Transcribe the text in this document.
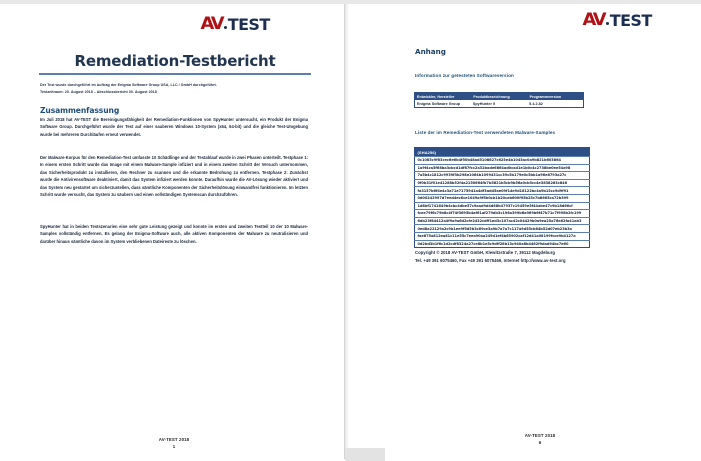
AV TEST
Remediation-Testbericht
Der Test wurde durchgeführt im Auftrag der Enigma Software Group USA, LLC / GmbH durchgeführt.
Testzeitraum: 20. August 2018 – Abschlussbericht 30. August 2018
Zusammenfassung
Im Juli 2018 hat AV-TEST die Bereinigungsfähigkeit der Remediation-Funktionen von SpyHunter untersucht, ein Produkt der Enigma Software Group. Durchgeführt wurde der Test auf einer sauberen Windows 10-System (x64, 64-bit) und die gleiche Test-Umgebung wurde bei mehreren Durchläufen erneut verwendet.
Der Malware-Korpus für den Remediation-Test umfasste 10 Schädlinge und der Testablauf wurde in zwei Phasen unterteilt. Testphase 1: In einem ersten Schritt wurde das Image mit einem Malware-Sample infiziert und in einem zweiten Schritt der Versuch unternommen, das Sicherheitsprodukt zu installieren, den Rechner zu scannen und die erkannte Bedrohung zu entfernen. Testphase 2: Zunächst wurde die Antivirensoftware deaktiviert, damit das System infiziert werden konnte. Daraufhin wurde die AV-Lösung wieder aktiviert und das System neu gestartet um sicherzustellen, dass sämtliche Komponenten der Sicherheitslösung einwandfrei funktionieren. Im letzten Schritt wurde versucht, das System zu säubern und einen vollständigen Systemscan durchzuführen.
SpyHunter hat in beiden Testszenarien eine sehr gute Leistung gezeigt und konnte im ersten und zweiten Testteil 10 der 10 Malware-Samples vollständig entfernen. Es gelang der Enigma-Software auch, alle aktiven Komponenten der Malware zu neutralisieren und darüber hinaus sämtliche davon im System verbliebenen Dateireste zu löschen.
AV-TEST 2018
1
AV TEST
Anhang
Information zur getesteten Softwareversion
Entwickler, Hersteller	Produktbezeichnung	Programmversion
Enigma Software Group	SpyHunter 5	5.4.2.82
Liste der im Remediation-Test verwendeten Malware-Samples
(SHA256)
0c1085c9f83cec6e6b4f50b48ad5108627c625e4b1045ac0a9b821b603864
1a9f4ca5f68ba3cbcd1df87fcc2a32bade6864ad0cad1e1b0c4c2738be0ee54a98
7a5b4c1812c9939f3b298e1064b1099431cc39c5b179e0c5bb1a96e8793a27c
0f0b31f01e41288b52f4a2150664fb7b5821b5cb9b56a0cb5cc4e3838283c846
fa3157b6f4e4c3a71e7175941a4df3add5ae09f14e9d18122bc4a9b15cc9d9f91
0d00242997d7eed4ec6ce1049a9f5b0cb1b20ceb600f95b25c7b8665ca72b399
1d8bf1741649b4cbc4dbe57c9aad9d4d68b47937c19459e5f44abe47c9b18d66cf
fcee79f6c79b8c4f74f3695b4af61af279db3c196a399b6a969b6f47b71c7f998b2fc199
6db23f84412a4f9a9a6d2cfe2432cdff1ed3c107ac42c04429b0a9ea25a76a62fa41ab3
0ed8a22129a2c9b1ee9f5d5b3c69ce3a9b7a7a7c117a9d55cb64b52d07eb23b3a
fae875a812ea81c11e55c7eea90aa249d1ef4b65902caf12d41a08199fcce9b4127a
0d2bd3b1f6c1d2cdf8324a27ce8b1e5c9dff28b13c940a8b4462f9dad94bc7e60
Copyright © 2018 AV-TEST GmbH, Klewitzstraße 7, 39112 Magdeburg
Tel. +49 391 6075460, Fax +49 391 6075469, Internet http://www.av-test.org
AV-TEST 2018
6
